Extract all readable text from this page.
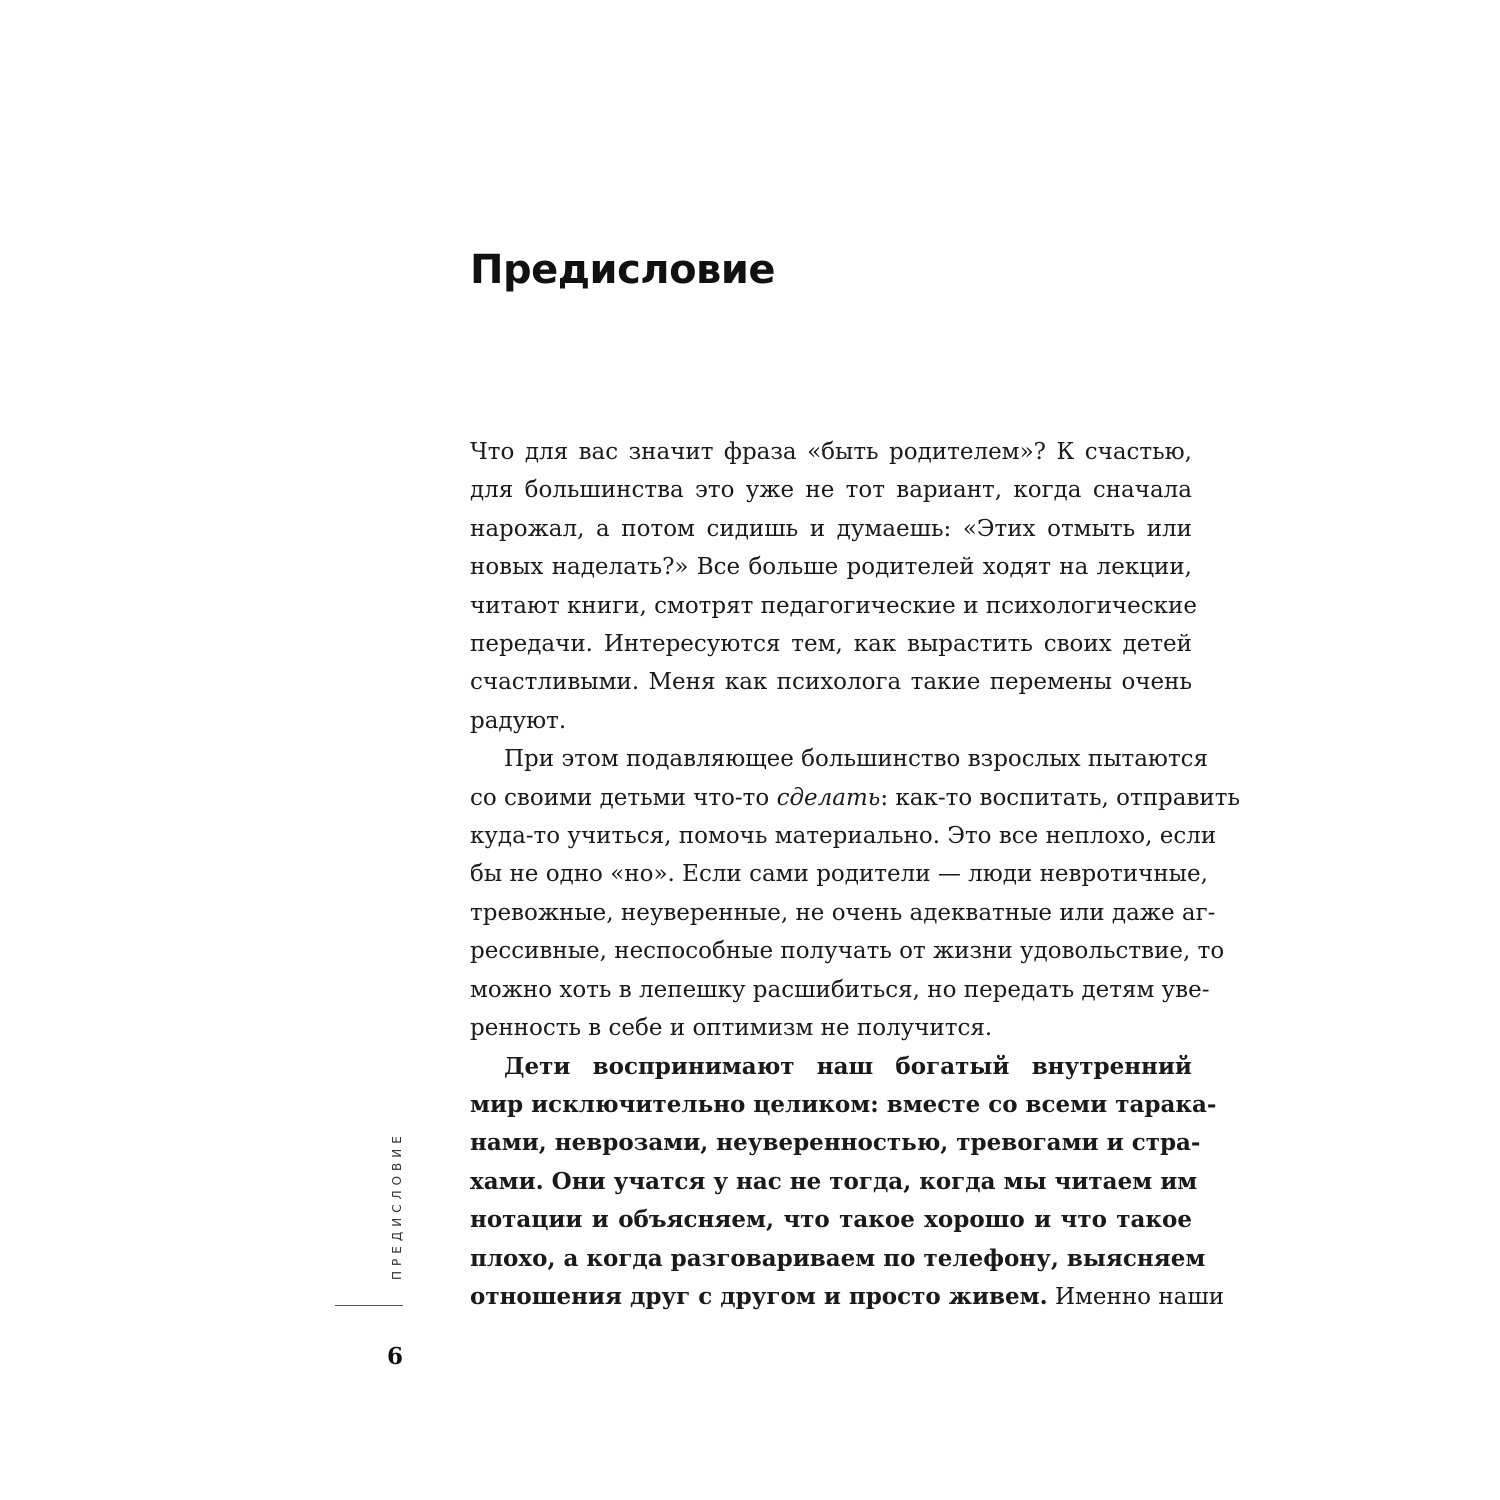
Предисловие
Что для вас значит фраза «быть родителем»? К счастью,
для большинства это уже не тот вариант, когда сначала
нарожал, а потом сидишь и думаешь: «Этих отмыть или
новых наделать?» Все больше родителей ходят на лекции,
читают книги, смотрят педагогические и психологические
передачи. Интересуются тем, как вырастить своих детей
счастливыми. Меня как психолога такие перемены очень
радуют.
При этом подавляющее большинство взрослых пытаются
со своими детьми что-то сделать: как-то воспитать, отправить
куда-то учиться, помочь материально. Это все неплохо, если
бы не одно «но». Если сами родители — люди невротичные,
тревожные, неуверенные, не очень адекватные или даже аг-
рессивные, неспособные получать от жизни удовольствие, то
можно хоть в лепешку расшибиться, но передать детям уве-
ренность в себе и оптимизм не получится.
Дети воспринимают наш богатый внутренний
мир исключительно целиком: вместе со всеми тарака-
нами, неврозами, неуверенностью, тревогами и стра-
хами. Они учатся у нас не тогда, когда мы читаем им
нотации и объясняем, что такое хорошо и что такое
плохо, а когда разговариваем по телефону, выясняем
отношения друг с другом и просто живем. Именно наши
ПРЕДИСЛОВИЕ
6
